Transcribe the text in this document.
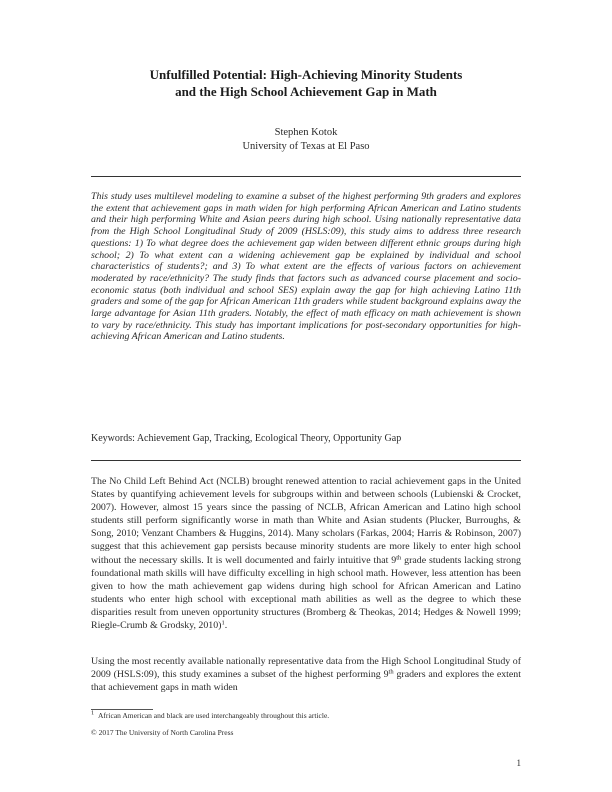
Unfulfilled Potential: High-Achieving Minority Students
and the High School Achievement Gap in Math
Stephen Kotok
University of Texas at El Paso

This study uses multilevel modeling to examine a subset of the highest performing 9th graders and explores the extent that achievement gaps in math widen for high performing African American and Latino students and their high performing White and Asian peers during high school. Using nationally representative data from the High School Longitudinal Study of 2009 (HSLS:09), this study aims to address three research questions: 1) To what degree does the achievement gap widen between different ethnic groups during high school; 2) To what extent can a widening achievement gap be explained by individual and school characteristics of students?; and 3) To what extent are the effects of various factors on achievement moderated by race/ethnicity? The study finds that factors such as advanced course placement and socio-economic status (both individual and school SES) explain away the gap for high achieving Latino 11th graders and some of the gap for African American 11th graders while student background explains away the large advantage for Asian 11th graders. Notably, the effect of math efficacy on math achievement is shown to vary by race/ethnicity. This study has important implications for post-secondary opportunities for high-achieving African American and Latino students.

Keywords: Achievement Gap, Tracking, Ecological Theory, Opportunity Gap

The No Child Left Behind Act (NCLB) brought renewed attention to racial achievement gaps in the United States by quantifying achievement levels for subgroups within and between schools (Lubienski & Crocket, 2007). However, almost 15 years since the passing of NCLB, African American and Latino high school students still perform significantly worse in math than White and Asian students (Plucker, Burroughs, & Song, 2010; Venzant Chambers & Huggins, 2014). Many scholars (Farkas, 2004; Harris & Robinson, 2007) suggest that this achievement gap persists because minority students are more likely to enter high school without the necessary skills. It is well documented and fairly intuitive that 9th grade students lacking strong foundational math skills will have difficulty excelling in high school math. However, less attention has been given to how the math achievement gap widens during high school for African American and Latino students who enter high school with exceptional math abilities as well as the degree to which these disparities result from uneven opportunity structures (Bromberg & Theokas, 2014; Hedges & Nowell 1999; Riegle-Crumb & Grodsky, 2010)$^1$.

Using the most recently available nationally representative data from the High School Longitudinal Study of 2009 (HSLS:09), this study examines a subset of the highest performing 9th graders and explores the extent that achievement gaps in math widen

$^1$ African American and black are used interchangeably throughout this article.
© 2017 The University of North Carolina Press
1
